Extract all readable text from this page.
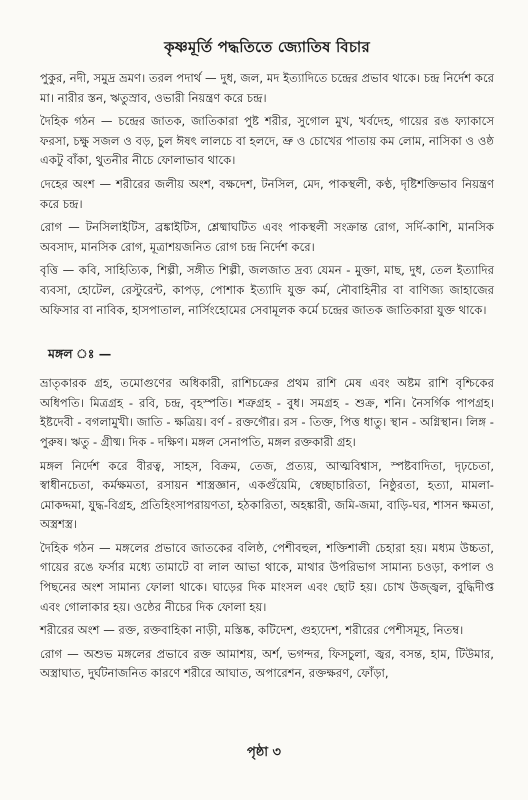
কৃষ্ণমূর্তি পদ্ধতিতে জ্যোতিষ বিচার

পুকুর, নদী, সমুদ্র ভ্রমণ। তরল পদার্থ — দুধ, জল, মদ ইত্যাদিতে চন্দ্রের প্রভাব থাকে। চন্দ্র নির্দেশ করে মা। নারীর স্তন, ঋতুস্রাব, ওভারী নিয়ন্ত্রণ করে চন্দ্র।

দৈহিক গঠন — চন্দ্রের জাতক, জাতিকারা পুষ্ট শরীর, সুগোল মুখ, খর্বদেহ, গায়ের রঙ ফ্যাকাসে ফরসা, চক্ষু সজল ও বড়, চুল ঈষৎ লালচে বা হলদে, ভ্রু ও চোখের পাতায় কম লোম, নাসিকা ও ওষ্ঠ একটু বাঁকা, থুতনীর নীচে ফোলাভাব থাকে।

দেহের অংশ — শরীরের জলীয় অংশ, বক্ষদেশ, টনসিল, মেদ, পাকস্থলী, কণ্ঠ, দৃষ্টিশক্তিভাব নিয়ন্ত্রণ করে চন্দ্র।

রোগ — টনসিলাইটিস, ব্রঙ্কাইটিস, শ্লেষ্মাঘটিত এবং পাকস্থলী সংক্রান্ত রোগ, সর্দি-কাশি, মানসিক অবসাদ, মানসিক রোগ, মূত্রাশয়জনিত রোগ চন্দ্র নির্দেশ করে।

বৃত্তি — কবি, সাহিত্যিক, শিল্পী, সঙ্গীত শিল্পী, জলজাত দ্রব্য যেমন - মুক্তা, মাছ, দুধ, তেল ইত্যাদির ব্যবসা, হোটেল, রেস্টুরেন্ট, কাপড়, পোশাক ইত্যাদি যুক্ত কর্ম, নৌবাহিনীর বা বাণিজ্য জাহাজের অফিসার বা নাবিক, হাসপাতাল, নার্সিংহোমের সেবামূলক কর্মে চন্দ্রের জাতক জাতিকারা যুক্ত থাকে।

মঙ্গল ঃ —

ভ্রাতৃকারক গ্রহ, তমোগুণের অধিকারী, রাশিচক্রের প্রথম রাশি মেষ এবং অষ্টম রাশি বৃশ্চিকের অধিপতি। মিত্রগ্রহ - রবি, চন্দ্র, বৃহস্পতি। শত্রুগ্রহ - বুধ। সমগ্রহ - শুক্র, শনি। নৈসর্গিক পাপগ্রহ। ইষ্টদেবী - বগলামুখী। জাতি - ক্ষত্রিয়। বর্ণ - রক্তগৌর। রস - তিক্ত, পিত্ত ধাতু। স্থান - অগ্নিস্থান। লিঙ্গ - পুরুষ। ঋতু - গ্রীষ্ম। দিক - দক্ষিণ। মঙ্গল সেনাপতি, মঙ্গল রক্তকারী গ্রহ।

মঙ্গল নির্দেশ করে বীরত্ব, সাহস, বিক্রম, তেজ, প্রত্যয়, আত্মবিশ্বাস, স্পষ্টবাদিতা, দৃঢ়চেতা, স্বাধীনচেতা, কর্মক্ষমতা, রসায়ন শাস্ত্রজ্ঞান, একগুঁয়েমি, স্বেচ্ছাচারিতা, নিষ্ঠুরতা, হত্যা, মামলা-মোকদ্দমা, যুদ্ধ-বিগ্রহ, প্রতিহিংসাপরায়ণতা, হঠকারিতা, অহঙ্কারী, জমি-জমা, বাড়ি-ঘর, শাসন ক্ষমতা, অস্ত্রশস্ত্র।

দৈহিক গঠন — মঙ্গলের প্রভাবে জাতকের বলিষ্ঠ, পেশীবহুল, শক্তিশালী চেহারা হয়। মধ্যম উচ্চতা, গায়ের রঙে ফর্সার মধ্যে তামাটে বা লাল আভা থাকে, মাথার উপরিভাগ সামান্য চওড়া, কপাল ও পিছনের অংশ সামান্য ফোলা থাকে। ঘাড়ের দিক মাংসল এবং ছোট হয়। চোখ উজ্জ্বল, বুদ্ধিদীপ্ত এবং গোলাকার হয়। ওষ্ঠের নীচের দিক ফোলা হয়।

শরীরের অংশ — রক্ত, রক্তবাহিকা নাড়ী, মস্তিষ্ক, কটিদেশ, গুহ্যদেশ, শরীরের পেশীসমূহ, নিতম্ব।

রোগ — অশুভ মঙ্গলের প্রভাবে রক্ত আমাশয়, অর্শ, ভগন্দর, ফিসচুলা, জ্বর, বসন্ত, হাম, টিউমার, অস্ত্রাঘাত, দুর্ঘটনাজনিত কারণে শরীরে আঘাত, অপারেশন, রক্তক্ষরণ, ফোঁড়া,

পৃষ্ঠা ৩
